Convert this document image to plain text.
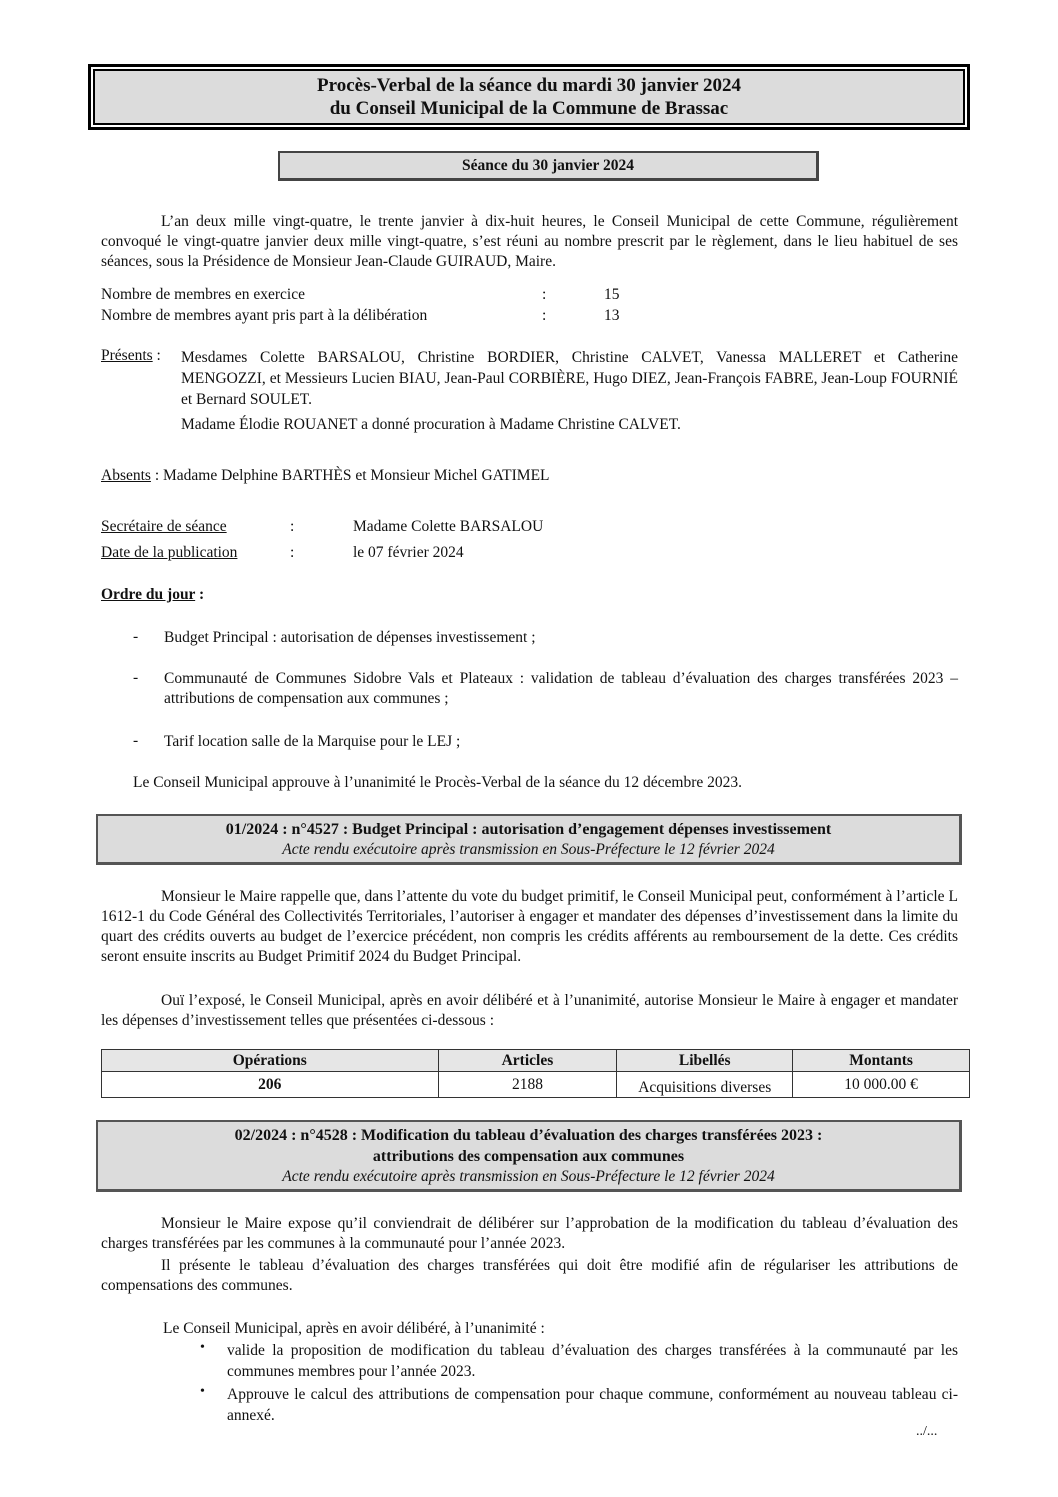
Procès-Verbal de la séance du mardi 30 janvier 2024
du Conseil Municipal de la Commune de Brassac
Séance du 30 janvier 2024
L’an deux mille vingt-quatre, le trente janvier à dix-huit heures, le Conseil Municipal de cette Commune, régulièrement convoqué le vingt-quatre janvier deux mille vingt-quatre, s’est réuni au nombre prescrit par le règlement, dans le lieu habituel de ses séances, sous la Présidence de Monsieur Jean-Claude GUIRAUD, Maire.
Nombre de membres en exercice	:	15
Nombre de membres ayant pris part à la délibération	:	13
Présents : Mesdames Colette BARSALOU, Christine BORDIER, Christine CALVET, Vanessa MALLERET et Catherine MENGOZZI, et Messieurs Lucien BIAU, Jean-Paul CORBIÈRE, Hugo DIEZ, Jean-François FABRE, Jean-Loup FOURNIÉ et Bernard SOULET.
Madame Élodie ROUANET a donné procuration à Madame Christine CALVET.
Absents : Madame Delphine BARTHÈS et Monsieur Michel GATIMEL
Secrétaire de séance	:	Madame Colette BARSALOU
Date de la publication	:	le 07 février 2024
Ordre du jour :
- Budget Principal : autorisation de dépenses investissement ;
- Communauté de Communes Sidobre Vals et Plateaux : validation de tableau d’évaluation des charges transférées 2023 – attributions de compensation aux communes ;
- Tarif location salle de la Marquise pour le LEJ ;
Le Conseil Municipal approuve à l’unanimité le Procès-Verbal de la séance du 12 décembre 2023.
01/2024 : n°4527 : Budget Principal : autorisation d’engagement dépenses investissement
Acte rendu exécutoire après transmission en Sous-Préfecture le 12 février 2024
Monsieur le Maire rappelle que, dans l’attente du vote du budget primitif, le Conseil Municipal peut, conformément à l’article L 1612-1 du Code Général des Collectivités Territoriales, l’autoriser à engager et mandater des dépenses d’investissement dans la limite du quart des crédits ouverts au budget de l’exercice précédent, non compris les crédits afférents au remboursement de la dette. Ces crédits seront ensuite inscrits au Budget Primitif 2024 du Budget Principal.
Ouï l’exposé, le Conseil Municipal, après en avoir délibéré et à l’unanimité, autorise Monsieur le Maire à engager et mandater les dépenses d’investissement telles que présentées ci-dessous :
Opérations	Articles	Libellés	Montants
206	2188	Acquisitions diverses	10 000.00 €
02/2024 : n°4528 : Modification du tableau d’évaluation des charges transférées 2023 :
attributions des compensation aux communes
Acte rendu exécutoire après transmission en Sous-Préfecture le 12 février 2024
Monsieur le Maire expose qu’il conviendrait de délibérer sur l’approbation de la modification du tableau d’évaluation des charges transférées par les communes à la communauté pour l’année 2023.
Il présente le tableau d’évaluation des charges transférées qui doit être modifié afin de régulariser les attributions de compensations des communes.
Le Conseil Municipal, après en avoir délibéré, à l’unanimité :
• valide la proposition de modification du tableau d’évaluation des charges transférées à la communauté par les communes membres pour l’année 2023.
• Approuve le calcul des attributions de compensation pour chaque commune, conformément au nouveau tableau ci-annexé.
../...
